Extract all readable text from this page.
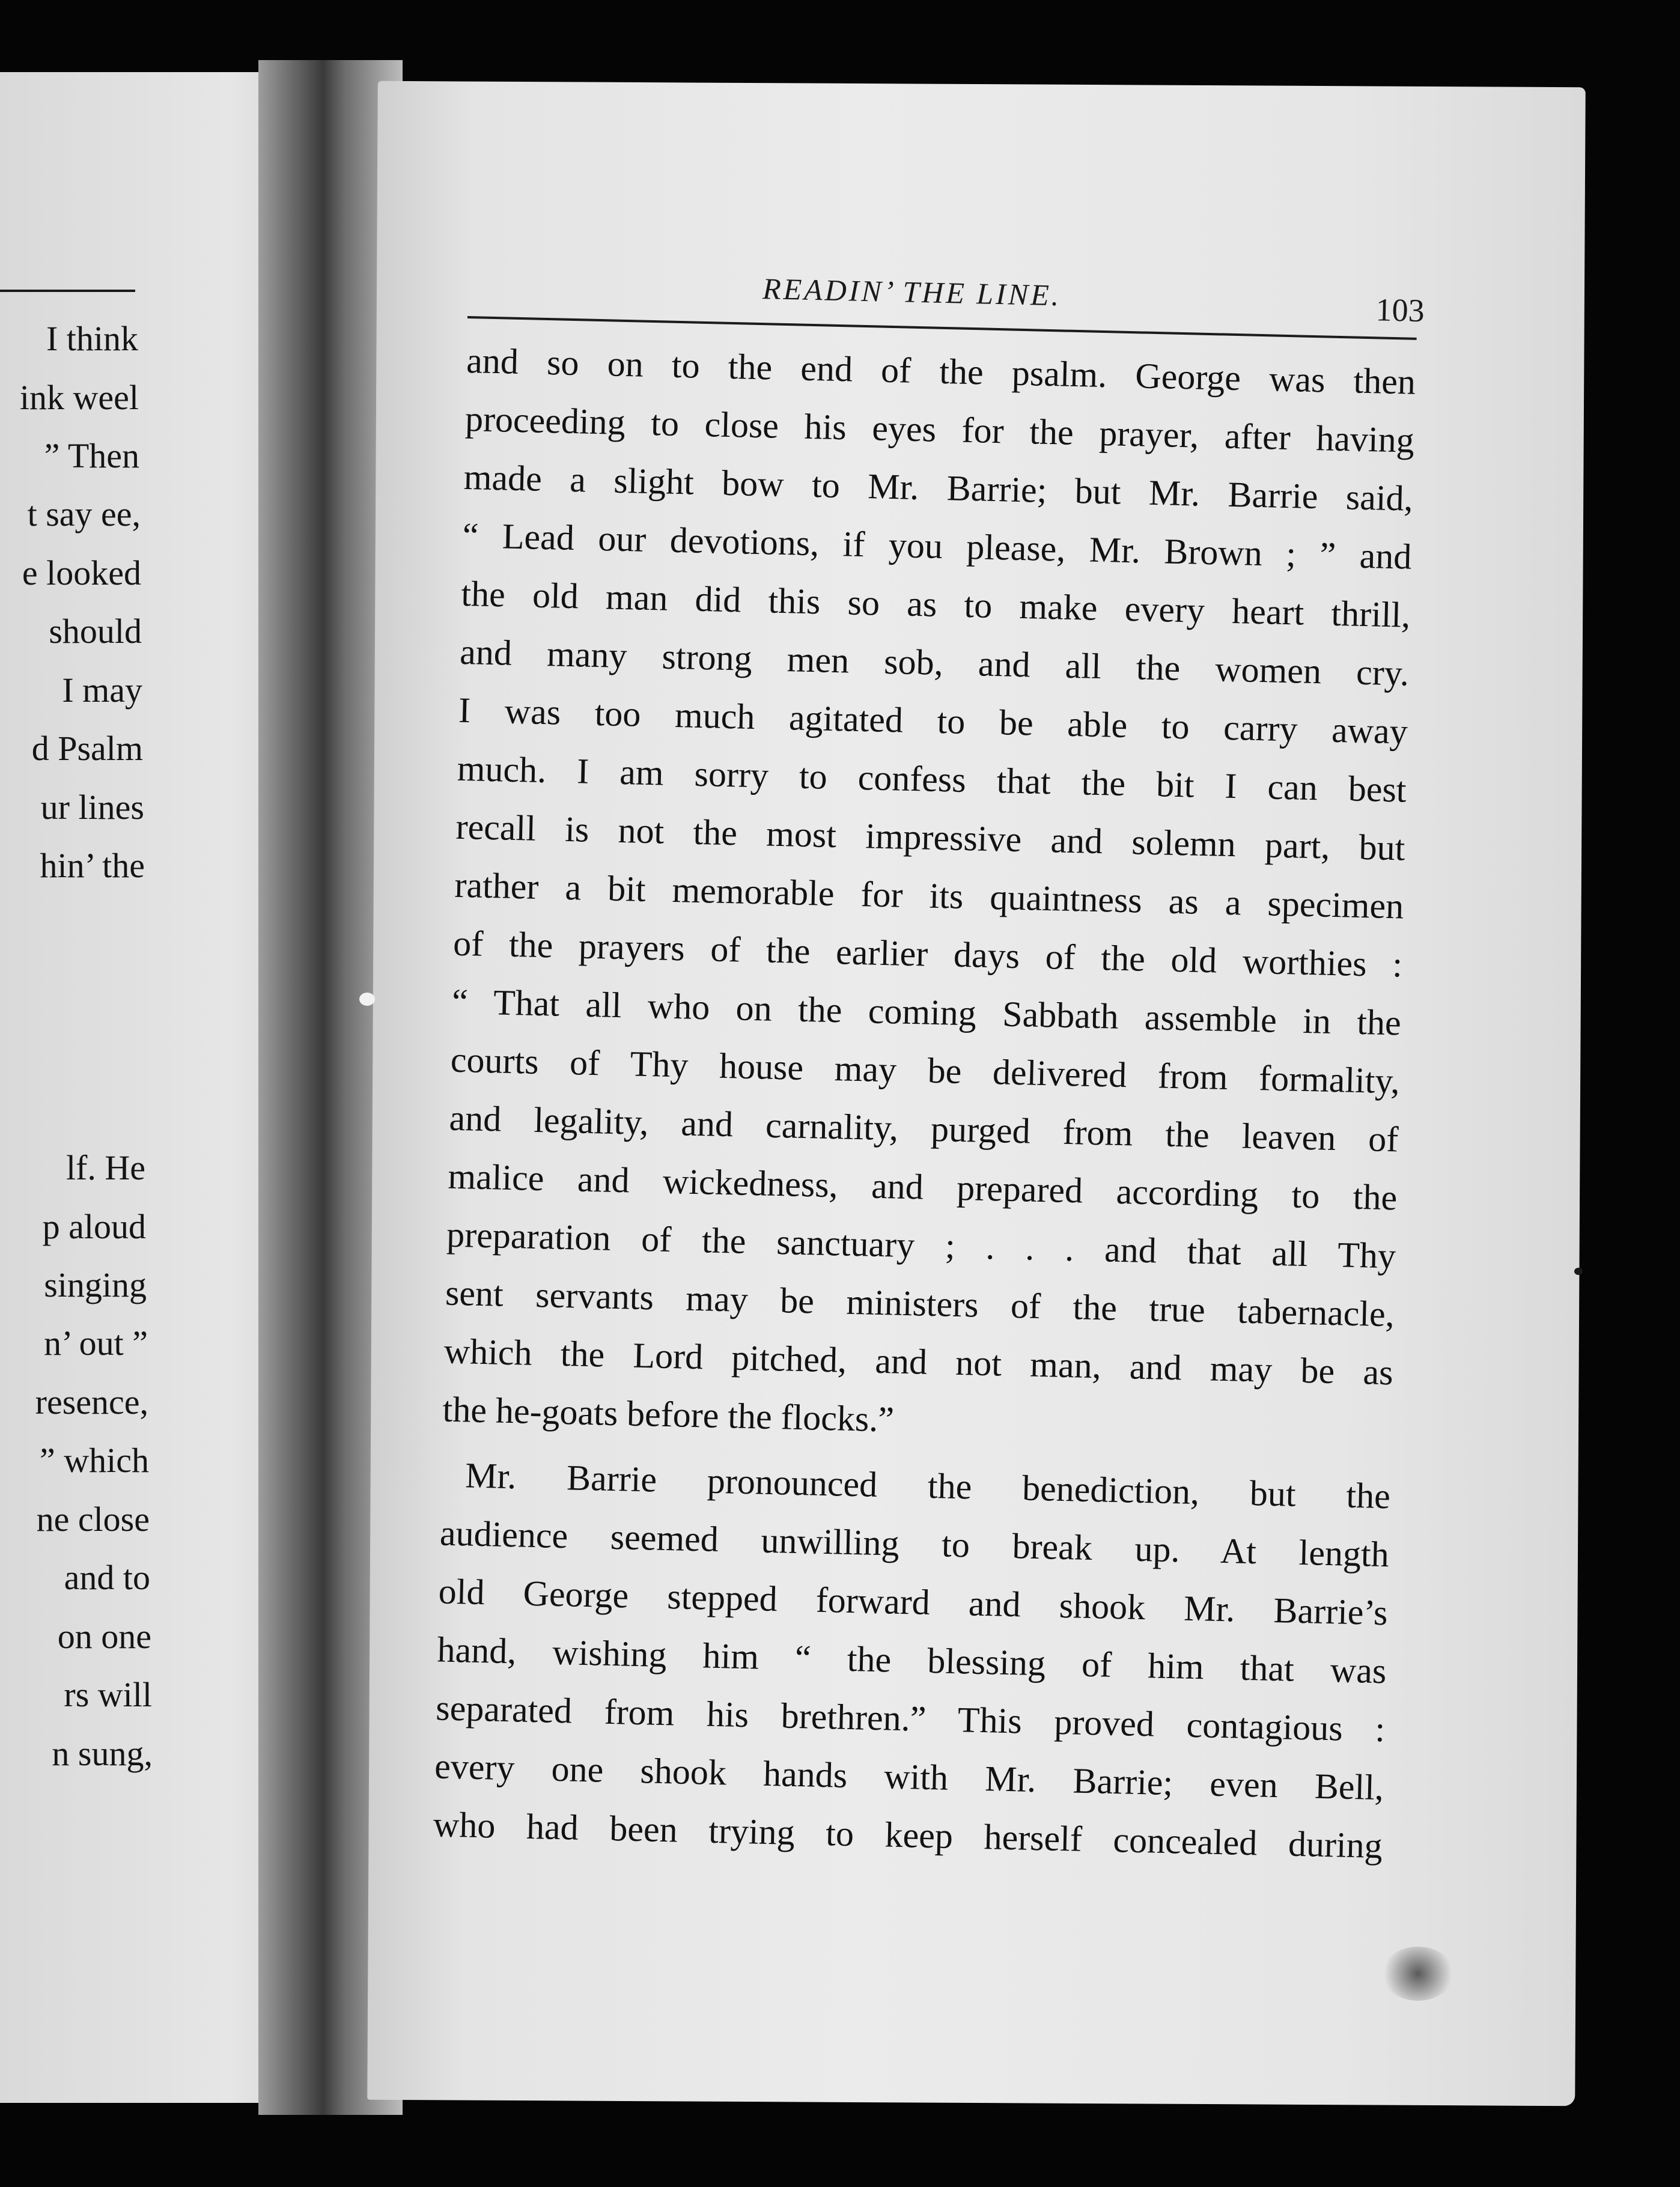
I think
ink weel
” Then
t say ee,
e looked
should
I may
d Psalm
ur lines
hin’ the
lf. He
p aloud
singing
n’ out ”
resence,
” which
ne close
and to
on one
rs will
n sung,
READIN’ THE LINE.	103
and so on to the end of the psalm. George was then
proceeding to close his eyes for the prayer, after having
made a slight bow to Mr. Barrie; but Mr. Barrie said,
“ Lead our devotions, if you please, Mr. Brown ; ” and
the old man did this so as to make every heart thrill,
and many strong men sob, and all the women cry.
I was too much agitated to be able to carry away
much. I am sorry to confess that the bit I can best
recall is not the most impressive and solemn part, but
rather a bit memorable for its quaintness as a specimen
of the prayers of the earlier days of the old worthies :
“ That all who on the coming Sabbath assemble in the
courts of Thy house may be delivered from formality,
and legality, and carnality, purged from the leaven of
malice and wickedness, and prepared according to the
preparation of the sanctuary ; . . . and that all Thy
sent servants may be ministers of the true tabernacle,
which the Lord pitched, and not man, and may be as
the he-goats before the flocks.”
Mr. Barrie pronounced the benediction, but the
audience seemed unwilling to break up. At length
old George stepped forward and shook Mr. Barrie’s
hand, wishing him “ the blessing of him that was
separated from his brethren.” This proved contagious :
every one shook hands with Mr. Barrie; even Bell,
who had been trying to keep herself concealed during
